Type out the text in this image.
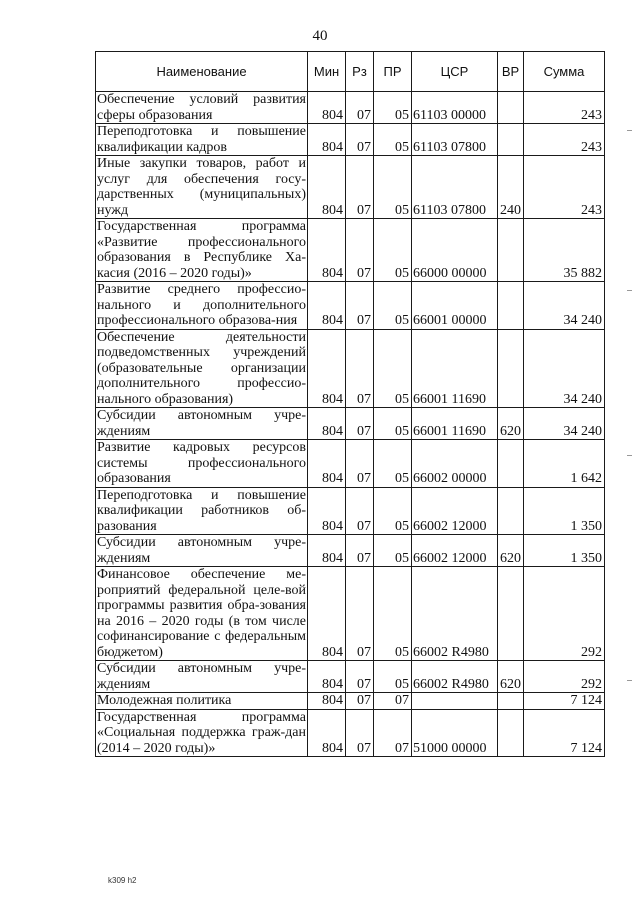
40
Наименование	Мин	Рз	ПР	ЦСР	ВР	Сумма
Обеспечение условий развития сферы образования	804	07	05	61103 00000		243
Переподготовка и повышение квалификации кадров	804	07	05	61103 07800		243
Иные закупки товаров, работ и услуг для обеспечения госу-дарственных (муниципальных) нужд	804	07	05	61103 07800	240	243
Государственная программа «Развитие профессионального образования в Республике Ха-касия (2016 – 2020 годы)»	804	07	05	66000 00000		35 882
Развитие среднего профессио-нального и дополнительного профессионального образова-ния	804	07	05	66001 00000		34 240
Обеспечение деятельности подведомственных учреждений (образовательные организации дополнительного профессио-нального образования)	804	07	05	66001 11690		34 240
Субсидии автономным учре-ждениям	804	07	05	66001 11690	620	34 240
Развитие кадровых ресурсов системы профессионального образования	804	07	05	66002 00000		1 642
Переподготовка и повышение квалификации работников об-разования	804	07	05	66002 12000		1 350
Субсидии автономным учре-ждениям	804	07	05	66002 12000	620	1 350
Финансовое обеспечение ме-роприятий федеральной целе-вой программы развития обра-зования на 2016 – 2020 годы (в том числе софинансирование с федеральным бюджетом)	804	07	05	66002 R4980		292
Субсидии автономным учре-ждениям	804	07	05	66002 R4980	620	292
Молодежная политика	804	07	07			7 124
Государственная программа «Социальная поддержка граж-дан (2014 – 2020 годы)»	804	07	07	51000 00000		7 124
k309 h2
